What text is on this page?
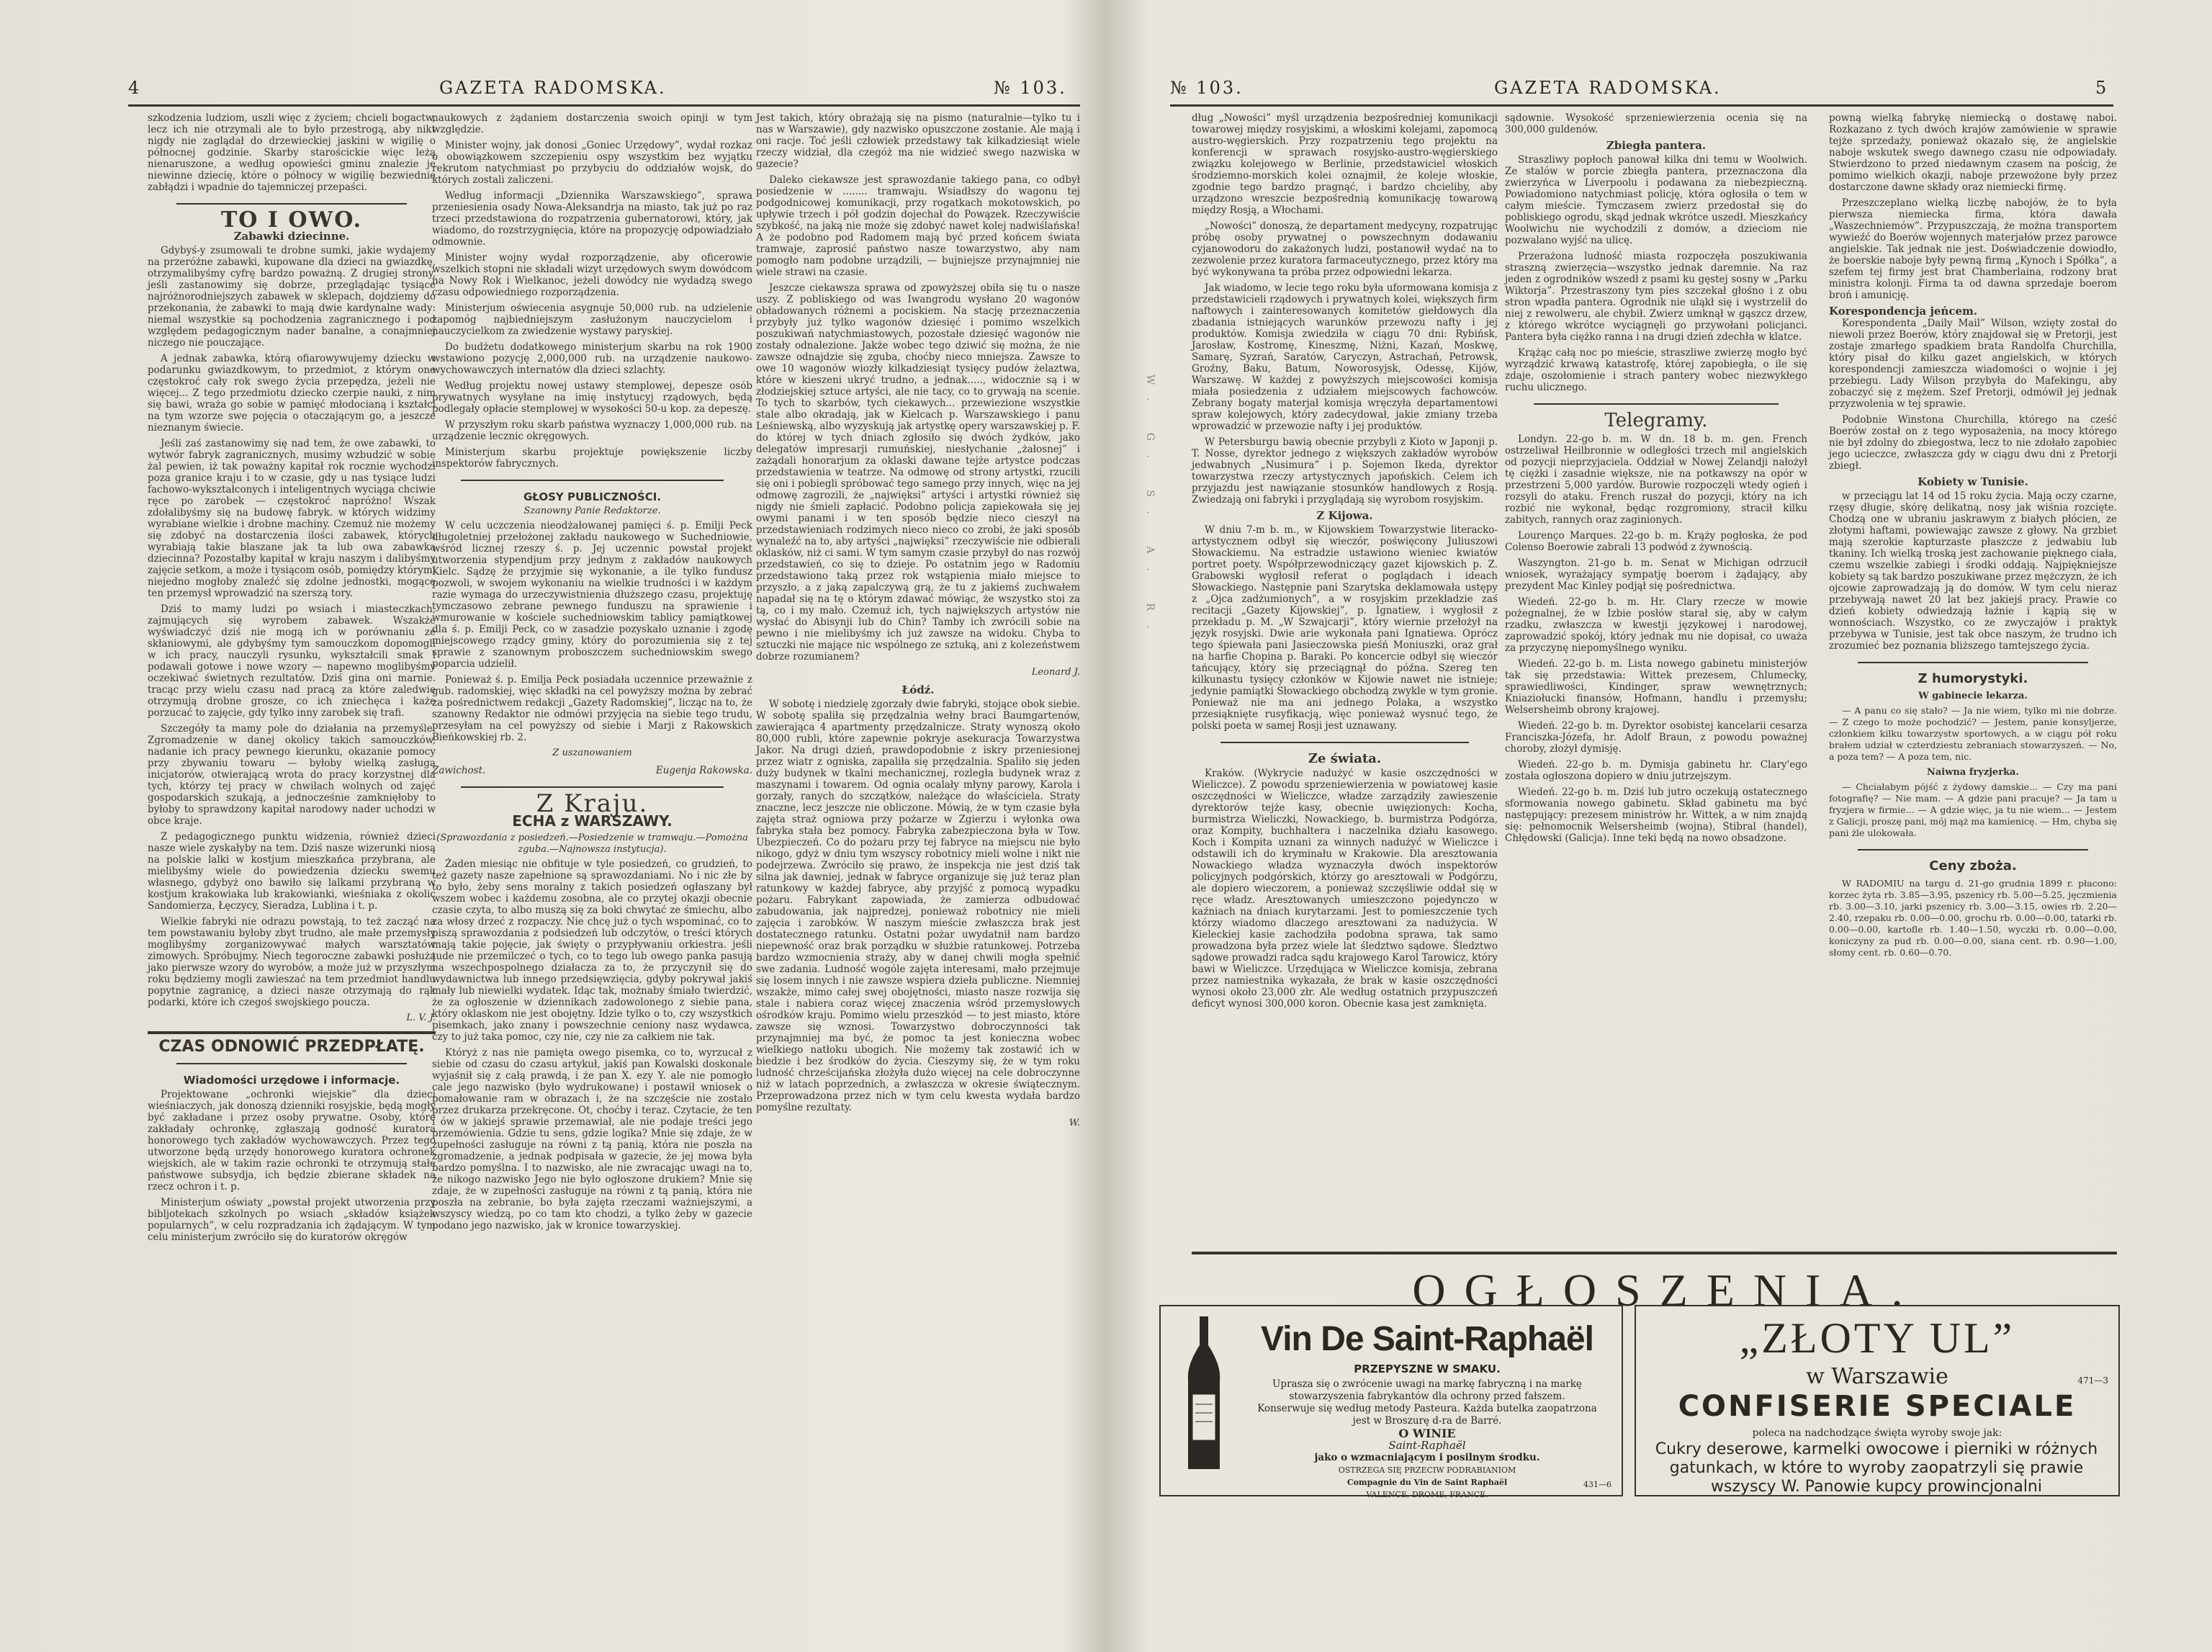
4	GAZETA RADOMSKA.	№ 103.

szkodzenia ludziom, uszli więc z życiem; chcieli bogactw, lecz ich nie otrzymali ale to było przestrogą, aby nikt nigdy nie zaglądał do drzewieckiej jaskini w wigilię o północnej godzinie. Skarby starościckie więc leżą nienaruszone, a według opowieści gminu znalezie je niewinne dziecię, które o północy w wigilię bezwiednie zabłądzi i wpadnie do tajemniczej przepaści.

TO I OWO.
Zabawki dziecinne.

Gdybyś-y zsumowali te drobne sumki, jakie wydajemy na przeróżne zabawki, kupowane dla dzieci na gwiazdkę, otrzymalibyśmy cyfrę bardzo poważną. Z drugiej strony, jeśli zastanowimy się dobrze, przeglądając tysiące najróżnorodniejszych zabawek w sklepach, dojdziemy do przekonania, że zabawki to mają dwie kardynalne wady: niemal wszystkie są pochodzenia zagranicznego i pod względem pedagogicznym nader banalne, a conajmniej niczego nie pouczające.

A jednak zabawka, którą ofiarowywujemy dziecku w podarunku gwiazdkowym, to przedmiot, z którym one częstokroć cały rok swego życia przepędza, jeżeli nie więcej... Z tego przedmiotu dziecko czerpie nauki, z nim się bawi, wraża go sobie w pamięć młodocianą i kształci na tym wzorze swe pojęcia o otaczającym go, a jeszcze nieznanym świecie.

Jeśli zaś zastanowimy się nad tem, że owe zabawki, to wytwór fabryk zagranicznych, musimy wzbudzić w sobie żal pewien, iż tak poważny kapitał rok rocznie wychodzi poza granice kraju i to w czasie, gdy u nas tysiące ludzi fachowo-wykształconych i inteligentnych wyciąga chciwie ręce po zarobek — częstokroć napróżno! Wszak zdołalibyśmy się na budowę fabryk. w których widzimy wyrabiane wielkie i drobne machiny. Czemuż nie możemy się zdobyć na dostarczenia ilości zabawek, których wyrabiają takie blaszane jak ta lub owa zabawka dziecinna? Pozostałby kapitał w kraju naszym i dalibyśmy zajęcie setkom, a może i tysiącom osób, pomiędzy którymi niejedno mogłoby znaleźć się zdolne jednostki, mogące ten przemysł wprowadzić na szerszą tory.

Dziś to mamy ludzi po wsiach i miasteczkach, zajmujących się wyrobem zabawek. Wszakże wyświadczyć dziś nie mogą ich w porównaniu ze skłaniowymi, ale gdybyśmy tym samouczkom dopomogli w ich pracy, nauczyli rysunku, wykształcili smak i podawali gotowe i nowe wzory — napewno moglibyśmy oczekiwać świetnych rezultatów. Dziś gina oni marnie. tracąc przy wielu czasu nad pracą za które zaledwie otrzymują drobne grosze, co ich zniechęca i każe porzucać to zajęcie, gdy tylko inny zarobek się trafi.

Szczegóły ta mamy pole do działania na przemyśle. Zgromadzenie w danej okolicy takich samouczków, nadanie ich pracy pewnego kierunku, okazanie pomocy przy zbywaniu towaru — byłoby wielką zasługą inicjatorów, otwierającą wrota do pracy korzystnej dla tych, którzy tej pracy w chwilach wolnych od zajęć gospodarskich szukają, a jednocześnie zamknięłoby to byłoby to sprawdzony kapitał narodowy nader uchodzi w obce kraje.

Z pedagogicznego punktu widzenia, również dzieci nasze wiele zyskałyby na tem. Dziś nasze wizerunki niosą na polskie lalki w kostjum mieszkańca przybrana, ale mielibyśmy wiele do powiedzenia dziecku swemu własnego, gdybyż ono bawiło się lalkami przybraną w kostjum krakowiaka lub krakowianki, wieśniaka z okolic Sandomierza, Łęczycy, Sieradza, Lublina i t. p.

Wielkie fabryki nie odrazu powstają, to też zacząć na tem powstawaniu byłoby zbyt trudno, ale małe przemysły moglibyśmy zorganizowywać małych warsztatów zimowych. Spróbujmy. Niech tegoroczne zabawki posłużą jako pierwsze wzory do wyrobów, a może już w przyszłym roku będziemy mogli zawieszać na tem przedmiot handlu popytnie zagranicę, a dzieci nasze otrzymają do rąk podarki, które ich czegoś swojskiego poucza.

L. V. J.
CZAS ODNOWIĆ PRZEDPŁATĘ.
Wiadomości urzędowe i informacje.

Projektowane „ochronki wiejskie” dla dzieci wieśniaczych, jak donoszą dzienniki rosyjskie, będą mogły być zakładane i przez osoby prywatne. Osoby, które zakładały ochronkę, zgłaszają godność kuratora honorowego tych zakładów wychowawczych. Przez tego utworzone będą urzędy honorowego kuratora ochronek wiejskich, ale w takim razie ochronki te otrzymują stałe państwowe subsydja, ich będzie zbierane składek na rzecz ochron i t. p.

Ministerjum oświaty „powstał projekt utworzenia przy bibljotekach szkolnych po wsiach „składów książek popularnych”, w celu rozpradzania ich żądającym. W tym celu ministerjum zwróciło się do kuratorów okręgów

naukowych z żądaniem dostarczenia swoich opinji w tym względzie.

Minister wojny, jak donosi „Goniec Urzędowy”, wydał rozkaz o obowiązkowem szczepieniu ospy wszystkim bez wyjątku rekrutom natychmiast po przybyciu do oddziałów wojsk, do których zostali zaliczeni.

Według informacji „Dziennika Warszawskiego”, sprawa przeniesienia osady Nowa-Aleksandrja na miasto, tak już po raz trzeci przedstawiona do rozpatrzenia gubernatorowi, który, jak wiadomo, do rozstrzygnięcia, które na propozycję odpowiadziało odmownie.

Minister wojny wydał rozporządzenie, aby oficerowie wszelkich stopni nie składali wizyt urzędowych swym dowódcom na Nowy Rok i Wielkanoc, jeżeli dowódcy nie wydadzą swego czasu odpowiedniego rozporządzenia.

Ministerjum oświecenia asygnuje 50,000 rub. na udzielenie zapomóg najbiedniejszym zasłużonym nauczycielom i nauczycielkom za zwiedzenie wystawy paryskiej.

Do budżetu dodatkowego ministerjum skarbu na rok 1900 wstawiono pozycję 2,000,000 rub. na urządzenie naukowo-wychowawczych internatów dla dzieci szlachty.

Według projektu nowej ustawy stemplowej, depesze osób prywatnych wysyłane na imię instytucyj rządowych, będą podlegały opłacie stemplowej w wysokości 50-u kop. za depeszę.

W przyszłym roku skarb państwa wyznaczy 1,000,000 rub. na urządzenie lecznic okręgowych.

Ministerjum skarbu projektuje powiększenie liczby inspektorów fabrycznych.

GŁOSY PUBLICZNOŚCI.
Szanowny Panie Redaktorze.

W celu uczczenia nieodżałowanej pamięci ś. p. Emilji Peck długoletniej przełożonej zakładu naukowego w Suchedniowie, wśród licznej rzeszy ś. p. Jej uczennic powstał projekt utworzenia stypendjum przy jednym z zakładów naukowych Kielc. Sądzę że przyjmie się wykonanie, a ile tylko fundusz pozwoli, w swojem wykonaniu na wielkie trudności i w każdym razie wymaga do urzeczywistnienia dłuższego czasu, projektuję tymczasowo zebrane pewnego funduszu na sprawienie i wmurowanie w kościele suchedniowskim tablicy pamiątkowej dla ś. p. Emilji Peck, co w zasadzie pozyskało uznanie i zgodę miejscowego rządcy gminy, który do porozumienia się z tej sprawie z szanownym proboszczem suchedniowskim swego poparcia udzielił.

Ponieważ ś. p. Emilja Peck posiadała uczennice przeważnie z gub. radomskiej, więc składki na cel powyższy można by zebrać za pośrednictwem redakcji „Gazety Radomskiej”, licząc na to, że szanowny Redaktor nie odmówi przyjęcia na siebie tego trudu, przesyłam na cel powyższy od siebie i Marji z Rakowskich Bieńkowskiej rb. 2.

Z uszanowaniem
Zawichost.	Eugenja Rakowska.
Z Kraju.
ECHA z WARSZAWY.
(Sprawozdania z posiedzeń.—Posiedzenie w tramwaju.—Pomożna zguba.—Najnowsza instytucja).

Żaden miesiąc nie obfituje w tyle posiedzeń, co grudzień, to też gazety nasze zapełnione są sprawozdaniami. No i nic złe by to było, żeby sens moralny z takich posiedzeń ogłaszany był wszem wobec i każdemu zosobna, ale co przytej okazji obecnie czasie czyta, to albo muszą się za boki chwytać ze śmiechu, albo za włosy drzeć z rozpaczy. Nie chcę już o tych wspominać, co to piszą sprawozdania z podsiedzeń lub odczytów, o treści których mają takie pojęcie, jak święty o przypływaniu orkiestra. jeśli tude nie przemilczeć o tych, co to tego lub owego panka pasują na wszechpospolnego działacza za to, że przyczynił się do wydawnictwa lub innego przedsięwzięcia, gdyby pokrywał jakiś mały lub niewielki wydatek. Idąc tak, możnaby śmiało twierdzić, że za ogłoszenie w dziennikach zadowolonego z siebie pana, który oklaskom nie jest obojętny. Idzie tylko o to, czy wszystkich pisemkach, jako znany i powszechnie ceniony nasz wydawca, czy to już taka pomoc, czy nie, czy nie za całkiem nie tak.

Któryż z nas nie pamięta owego pisemka, co to, wyrzucał z siebie od czasu do czasu artykuł, jakiś pan Kowalski doskonale wyjaśnił się z całą prawdą, i że pan X. ezy Y. ale nie pomogło cale jego nazwisko (było wydrukowane) i postawił wniosek o pomałowanie ram w obrazach i, że na szczęście nie zostało przez drukarza przekręcone. Ot, choćby i teraz. Czytacie, że ten i ów w jakiejś sprawie przemawiał, ale nie podaje treści jego przemówienia. Gdzie tu sens, gdzie logika? Mnie się zdaje, że w zupełności zasługuje na równi z tą panią, która nie poszła na zgromadzenie, a jednak podpisała w gazecie, że jej mowa była bardzo pomyślna. I to nazwisko, ale nie zwracając uwagi na to, że nikogo nazwisko Jego nie było ogłoszone drukiem? Mnie się zdaje, że w zupełności zasługuje na równi z tą panią, która nie poszła na zebranie, bo była zajęta rzeczami ważniejszymi, a wszyscy wiedzą, po co tam kto chodzi, a tylko żeby w gazecie podano jego nazwisko, jak w kronice towarzyskiej.

Jest takich, który obrażają się na pismo (naturalnie—tylko tu i nas w Warszawie), gdy nazwisko opuszczone zostanie. Ale mają i oni racje. Toć jeśli człowiek przedstawy tak kilkadziesiąt wiele rzeczy widział, dla czegóż ma nie widzieć swego nazwiska w gazecie?

Daleko ciekawsze jest sprawozdanie takiego pana, co odbył posiedzenie w ........ tramwaju. Wsiadłszy do wagonu tej podgodnicowej komunikacji, przy rogatkach mokotowskich, po upływie trzech i pół godzin dojechał do Powązek. Rzeczywiście szybkość, na jaką nie może się zdobyć nawet kolej nadwiślańska! A że podobno pod Radomem mają być przed końcem świata tramwaje, zaprosić państwo nasze towarzystwo, aby nam pomogło nam podobne urządzili, — bujniejsze przynajmniej nie wiele strawi na czasie.

Jeszcze ciekawsza sprawa od zpowyższej obiła się tu o nasze uszy. Z pobliskiego od was Iwangrodu wysłano 20 wagonów obładowanych różnemi a pociskiem. Na stację przeznaczenia przybyły już tylko wagonów dziesięć i pomimo wszelkich poszukiwań natychmiastowych, pozostałe dziesięć wagonów nie zostały odnalezione. Jakże wobec tego dziwić się można, że nie zawsze odnajdzie się zguba, choćby nieco mniejsza. Zawsze to owe 10 wagonów wiozły kilkadziesiąt tysięcy pudów żelaztwa, które w kieszeni ukryć trudno, a jednak....., widocznie są i w złodziejskiej sztuce artyści, ale nie tacy, co to grywają na scenie. To tych to skarbów, tych ciekawych... przewiezione wszystkie stale albo okradają, jak w Kielcach p. Warszawskiego i panu Leśniewską, albo wyzyskują jak artystkę opery warszawskiej p. F. do której w tych dniach zgłosiło się dwóch żydków, jako delegatów impresarji rumuńskiej, niesłychanie „żałosnej” i zażądali honorarjum za oklaski dawane tejże artystce podczas przedstawienia w teatrze. Na odmowę od strony artystki, rzucili się oni i pobiegli spróbować tego samego przy innych, więc na jej odmowę zagrozili, że „najwięksi” artyści i artystki również się nigdy nie śmieli zapłacić. Podobno policja zapiekowała się jej owymi panami i w ten sposób będzie nieco cieszył na przedstawieniach rodzimych nieco nieco co zrobi, że jaki sposób wynaleźć na to, aby artyści „najwięksi” rzeczywiście nie odbierali oklasków, niż ci sami. W tym samym czasie przybył do nas rozwój przedstawień, co się to dzieje. Po ostatnim jego w Radomiu przedstawiono taką przez rok wstąpienia miało miejsce to przyszło, a z jaką zapalczywą grą, że tu z jakiemś zuchwałem napadał się na tę o którym zdawać mówiąc, że wszystko stoi za tą, co i my mało. Czemuż ich, tych największych artystów nie wysłać do Abisynji lub do Chin? Tamby ich zwrócili sobie na pewno i nie mielibyśmy ich już zawsze na widoku. Chyba to sztuczki nie mające nic wspólnego ze sztuką, ani z kolezeństwem dobrze rozumianem?

Leonard J.
Łódź.

W sobotę i niedzielę zgorzały dwie fabryki, stojące obok siebie. W sobotę spaliła się przędzalnia wełny braci Baumgartenów, zawierająca 4 apartmenty przędzalnicze. Straty wynoszą około 80,000 rubli, które zapewnie pokryje asekuracja Towarzystwa Jakor. Na drugi dzień, prawdopodobnie z iskry przeniesionej przez wiatr z ogniska, zapaliła się przędzalnia. Spaliło się jeden duży budynek w tkalni mechanicznej, rozległa budynek wraz z maszynami i towarem. Od ognia ocalały młyny parowy, Karola i gorzały, ranych do szczątków, należące do właściciela. Straty znaczne, lecz jeszcze nie obliczone. Mówią, że w tym czasie była zajęta straż ogniowa przy pożarze w Zgierzu i wyłonka owa fabryka stała bez pomocy. Fabryka zabezpieczona była w Tow. Ubezpieczeń. Co do pożaru przy tej fabryce na miejscu nie było nikogo, gdyż w dniu tym wszyscy robotnicy mieli wolne i nikt nie podejrzewa. Zwróciło się prawo, że inspekcja nie jest dziś tak silna jak dawniej, jednak w fabryce organizuje się już teraz plan ratunkowy w każdej fabryce, aby przyjść z pomocą wypadku pożaru. Fabrykant zapowiada, że zamierza odbudować zabudowania, jak najpredzej, ponieważ robotnicy nie mieli zajęcia i zarobków. W naszym mieście zwłaszcza brak jest dostatecznego ratunku. Ostatni pożar uwydatnił nam bardzo niepewność oraz brak porządku w służbie ratunkowej. Potrzeba bardzo wzmocnienia straży, aby w danej chwili mogła spełnić swe zadania. Ludność wogóle zajęta interesami, mało przejmuje się losem innych i nie zawsze wspiera dzieła publiczne. Niemniej wszakże, mimo całej swej obojętności, miasto nasze rozwija się stale i nabiera coraz więcej znaczenia wśród przemysłowych ośrodków kraju. Pomimo wielu przeszkód — to jest miasto, które zawsze się wznosi. Towarzystwo dobroczynności tak przynajmniej ma być, że pomoc ta jest konieczna wobec wielkiego natłoku ubogich. Nie możemy tak zostawić ich w biedzie i bez środków do życia. Cieszymy się, że w tym roku ludność chrześcijańska złożyła dużo więcej na cele dobroczynne niż w latach poprzednich, a zwłaszcza w okresie świątecznym. Przeprowadzona przez nich w tym celu kwesta wydała bardzo pomyślne rezultaty.

W.
W. G. S. A. R.
№ 103.	GAZETA RADOMSKA.	5

dług „Nowości” myśl urządzenia bezpośredniej komunikacji towarowej między rosyjskimi, a włoskimi kolejami, zapomocą austro-węgierskich. Przy rozpatrzeniu tego projektu na konferencji w sprawach rosyjsko-austro-węgierskiego związku kolejowego w Berlinie, przedstawiciel włoskich środziemno-morskich kolei oznajmił, że koleje włoskie, zgodnie tego bardzo pragnąć, i bardzo chcieliby, aby urządzono wreszcie bezpośrednią komunikację towarową między Rosją, a Włochami.

„Nowości” donoszą, że departament medycyny, rozpatrując próbę osoby prywatnej o powszechnym dodawaniu cyjanowodoru do zakażonych ludzi, postanowił wydać na to zezwolenie przez kuratora farmaceutycznego, przez który ma być wykonywana ta próba przez odpowiedni lekarza.

Jak wiadomo, w lecie tego roku była uformowana komisja z przedstawicieli rządowych i prywatnych kolei, większych firm naftowych i zainteresowanych komitetów giełdowych dla zbadania istniejących warunków przewozu nafty i jej produktów. Komisja zwiedziła w ciągu 70 dni: Rybińsk, Jarosław, Kostromę, Kineszmę, Niżni, Kazań, Moskwę, Samarę, Syzrań, Saratów, Caryczyn, Astrachań, Petrowsk, Groźny, Baku, Batum, Noworosyjsk, Odessę, Kijów, Warszawę. W każdej z powyższych miejscowości komisja miała posiedzenia z udziałem miejscowych fachowców. Zebrany bogaty materjał komisja wręczyła departamentowi spraw kolejowych, który zadecydował, jakie zmiany trzeba wprowadzić w przewozie nafty i jej produktów.

W Petersburgu bawią obecnie przybyli z Kioto w Japonji p. T. Nosse, dyrektor jednego z większych zakładów wyrobów jedwabnych „Nusimura” i p. Sojemon Ikeda, dyrektor towarzystwa rzeczy artystycznych japońskich. Celem ich przyjazdu jest nawiązanie stosunków handlowych z Rosją. Zwiedzają oni fabryki i przyglądają się wyrobom rosyjskim.

Z Kijowa.

W dniu 7-m b. m., w Kijowskiem Towarzystwie literacko-artystycznem odbył się wieczór, poświęcony Juliuszowi Słowackiemu. Na estradzie ustawiono wieniec kwiatów portret poety. Współprzewodniczący gazet kijowskich p. Z. Grabowski wygłosił referat o poglądach i ideach Słowackiego. Następnie pani Szarytska deklamowała ustępy z „Ojca zadżumionych”, a w rosyjskim przekładzie zaś recitacji „Gazety Kijowskiej”, p. Ignatiew, i wygłosił z przekładu p. M. „W Szwajcarji”, który wiernie przełożył na język rosyjski. Dwie arie wykonała pani Ignatiewa. Oprócz tego śpiewała pani Jasieczowska pieśń Moniuszki, oraz grał na harfie Chopina p. Baraki. Po koncercie odbył się wieczór tańcujący, który się przeciągnął do późna. Szereg ten kilkunastu tysięcy członków w Kijowie nawet nie istnieje; jedynie pamiątki Słowackiego obchodzą zwykle w tym gronie. Ponieważ nie ma ani jednego Polaka, a wszystko przesiąknięte rusyfikacją, więc ponieważ wysnuć tego, że polski poeta w samej Rosji jest uznawany.

Ze świata.

Kraków. (Wykrycie nadużyć w kasie oszczędności w Wieliczce). Z powodu sprzeniewierzenia w powiatowej kasie oszczędności w Wieliczce, władze zarządziły zawieszenie dyrektorów tejże kasy, obecnie uwięzionych: Kocha, burmistrza Wieliczki, Nowackiego, b. burmistrza Podgórza, oraz Kompity, buchhaltera i naczelnika działu kasowego. Koch i Kompita uznani za winnych nadużyć w Wieliczce i odstawili ich do kryminału w Krakowie. Dla aresztowania Nowackiego władza wyznaczyła dwóch inspektorów policyjnych podgórskich, którzy go aresztowali w Podgórzu, ale dopiero wieczorem, a ponieważ szczęśliwie oddał się w ręce władz. Aresztowanych umieszczono pojedynczo w kaźniach na dniach kurytarzami. Jest to pomieszczenie tych którzy wiadomo dlaczego aresztowani za nadużycia. W Kieleckiej kasie zachodziła podobna sprawa, tak samo prowadzona była przez wiele lat śledztwo sądowe. Śledztwo sądowe prowadzi radca sądu krajowego Karol Tarowicz, który bawi w Wieliczce. Urzędująca w Wieliczce komisja, zebrana przez namiestnika wykazała, że brak w kasie oszczędności wynosi około 23,000 złr. Ale według ostatnich przypuszczeń deficyt wynosi 300,000 koron. Obecnie kasa jest zamknięta.

sądownie. Wysokość sprzeniewierzenia ocenia się na 300,000 guldenów.

Zbiegła pantera.

Straszliwy popłoch panował kilka dni temu w Woolwich. Ze stalów w porcie zbiegła pantera, przeznaczona dla zwierzyńca w Liverpoolu i podawana za niebezpieczną. Powiadomiono natychmiast policję, która ogłosiła o tem w całym mieście. Tymczasem zwierz przedostał się do pobliskiego ogrodu, skąd jednak wkrótce uszedł. Mieszkańcy Woolwichu nie wychodzili z domów, a dzieciom nie pozwalano wyjść na ulicę.

Przerażona ludność miasta rozpoczęła poszukiwania straszną zwierzęcia—wszystko jednak daremnie. Na raz jeden z ogrodników wszedł z psami ku gęstej sosny w „Parku Wiktorja”. Przestraszony tym pies szczekał głośno i z obu stron wpadła pantera. Ogrodnik nie uląkł się i wystrzelił do niej z rewolweru, ale chybił. Zwierz umknął w gąszcz drzew, z którego wkrótce wyciągnęli go przywołani policjanci. Pantera była ciężko ranna i na drugi dzień zdechła w klatce.

Krążąc całą noc po mieście, straszliwe zwierzę mogło być wyrządzić krwawą katastrofę, której zapobiegła, o ile się zdaje, oszołomienie i strach pantery wobec niezwykłego ruchu ulicznego.

Telegramy.

Londyn. 22-go b. m. W dn. 18 b. m. gen. French ostrzeliwał Heilbronnie w odległości trzech mil angielskich od pozycji nieprzyjaciela. Oddział w Nowej Zelandji nałożył tę ciężki i zasadnie większe, nie na potkawszy na opór w przestrzeni 5,000 yardów. Burowie rozpoczęli wtedy ogień i rozsyli do ataku. French ruszał do pozycji, który na ich rozbić nie wykonał, będąc rozgromiony, stracił kilku zabitych, rannych oraz zaginionych.

Lourenço Marques. 22-go b. m. Krąży pogłoska, że pod Colenso Boerowie zabrali 13 podwód z żywnością.

Waszyngton. 21-go b. m. Senat w Michigan odrzucił wniosek, wyrażający sympatję boerom i żądający, aby prezydent Mac Kinley podjął się pośrednictwa.

Wiedeń. 22-go b. m. Hr. Clary rzecze w mowie pożegnalnej, że w Izbie posłów starał się, aby w całym rzadku, zwłaszcza w kwestji językowej i narodowej, zaprowadzić spokój, który jednak mu nie dopisał, co uważa za przyczynę niepomyślnego wyniku.

Wiedeń. 22-go b. m. Lista nowego gabinetu ministerjów tak się przedstawia: Wittek prezesem, Chlumecky, sprawiedliwości, Kindinger, spraw wewnętrznych; Kniaziołucki finansów, Hofmann, handlu i przemysłu; Welsersheimb obrony krajowej.

Wiedeń. 22-go b. m. Dyrektor osobistej kancelarii cesarza Franciszka-Józefa, hr. Adolf Braun, z powodu poważnej choroby, złożył dymisję.

Wiedeń. 22-go b. m. Dymisja gabinetu hr. Clary'ego została ogłoszona dopiero w dniu jutrzejszym.

Wiedeń. 22-go b. m. Dziś lub jutro oczekują ostatecznego sformowania nowego gabinetu. Skład gabinetu ma być następujący: prezesem ministrów hr. Wittek, a w nim znajdą się: pełnomocnik Welsersheimb (wojna), Stibral (handel), Chłędowski (Galicja). Inne teki będą na nowo obsadzone.

powną wielką fabrykę niemiecką o dostawę naboi. Rozkazano z tych dwóch krajów zamówienie w sprawie tejże sprzedaży, ponieważ okazało się, że angielskie naboje wskutek swego dawnego czasu nie odpowiadały. Stwierdzono to przed niedawnym czasem na pościg, że pomimo wielkich okazji, naboje przewożone były przez dostarczone dawne składy oraz niemiecki firmę.

Przeszczeplano wielką liczbę nabojów, że to była pierwsza niemiecka firma, która dawała „Waszechniemów”. Przypuszczają, że można transportem wywieźć do Boerów wojennych materjałów przez parowce angielskie. Tak jednak nie jest. Doświadczenie dowiodło, że boerskie naboje były pewną firmą „Kynoch i Spółka”, a szefem tej firmy jest brat Chamberlaina, rodzony brat ministra kolonji. Firma ta od dawna sprzedaje boerom broń i amunicję.

Korespondencja jeńcem.

Korespondenta „Daily Mail” Wilson, wzięty został do niewoli przez Boerów, który znajdował się w Pretorji, jest zostaje zmarłego spadkiem brata Randolfa Churchilla, który pisał do kilku gazet angielskich, w których korespondencji zamieszcza wiadomości o wojnie i jej przebiegu. Lady Wilson przybyła do Mafekingu, aby zobaczyć się z mężem. Szef Pretorji, odmówił jej jednak przyzwolenia w tej sprawie.

Podobnie Winstona Churchilla, którego na cześć Boerów został on z tego wyposażenia, na mocy którego nie był zdolny do zbiegostwa, lecz to nie zdołało zapobiec jego ucieczce, zwłaszcza gdy w ciągu dwu dni z Pretorji zbiegł.

Kobiety w Tunisie.

w przeciągu lat 14 od 15 roku życia. Mają oczy czarne, rzęsy długie, skórę delikatną, nosy jak wiśnia rozcięte. Chodzą one w ubraniu jaskrawym z białych płócien, ze złotymi haftami, powiewając zawsze z głowy. Na grzbiet mają szerokie kapturzaste płaszcze z jedwabiu lub tkaniny. Ich wielką troską jest zachowanie pięknego ciała, czemu wszelkie zabiegi i środki oddają. Najpiękniejsze kobiety są tak bardzo poszukiwane przez mężczyzn, że ich ojcowie zaprowadzają ją do domów. W tym celu nieraz przebywają nawet 20 lat bez jakiejś pracy. Prawie co dzień kobiety odwiedzają łaźnie i kąpią się w wonnościach. Wszystko, co ze zwyczajów i praktyk przebywa w Tunisie, jest tak obce naszym, że trudno ich zrozumieć bez poznania bliższego tamtejszego życia.

Z humorystyki.
W gabinecie lekarza.

— A panu co się stało? — Ja nie wiem, tylko mi nie dobrze. — Z czego to może pochodzić? — Jestem, panie konsyljerze, członkiem kilku towarzystw sportowych, a w ciągu pół roku brałem udział w czterdziestu zebraniach stowarzyszeń. — No, a poza tem? — A poza tem, nic.

Naiwna fryzjerka.

— Chciałabym pójść z żydowy damskie... — Czy ma pani fotografię? — Nie mam. — A gdzie pani pracuje? — Ja tam u fryzjera w firmie... — A gdzie więc, ja tu nie wiem... — Jestem z Galicji, proszę pani, mój mąż ma kamienicę. — Hm, chyba się pani żle ulokowała.

Ceny zboża.

W RADOMIU na targu d. 21-go grudnia 1899 r. płacono: korzec żyta rb. 3.85—3.95, pszenicy rb. 5.00—5.25, jęczmienia rb. 3.00—3.10, jarki pszenicy rb. 3.00—3.15, owies rb. 2.20—2.40, rzepaku rb. 0.00—0.00, grochu rb. 0.00—0.00, tatarki rb. 0.00—0.00, kartofle rb. 1.40—1.50, wyczki rb. 0.00—0.00, koniczyny za pud rb. 0.00—0.00, siana cent. rb. 0.90—1.00, słomy cent. rb. 0.60—0.70.

OGŁOSZENIA.
Vin De Saint-Raphaël
PRZEPYSZNE W SMAKU.
Uprasza się o zwrócenie uwagi na markę fabryczną i na markę stowarzyszenia fabrykantów dla ochrony przed fałszem.
Konserwuje się według metody Pasteura. Każda butelka zaopatrzona jest w Broszurę d-ra de Barré.
O WINIE
Saint-Raphaël
jako o wzmacniającym i posilnym środku.
OSTRZEGA SIĘ PRZECIW PODRABIANIOM
Compagnie du Vin de Saint Raphaël
VALENCE, DROME, FRANCE.
431—6
„ZŁOTY UL”
w Warszawie	471—3
CONFISERIE SPECIALE
poleca na nadchodzące święta wyroby swoje jak:
Cukry deserowe, karmelki owocowe i pierniki w różnych gatunkach, w które to wyroby zaopatrzyli się prawie wszyscy W. Panowie kupcy prowincjonalni
